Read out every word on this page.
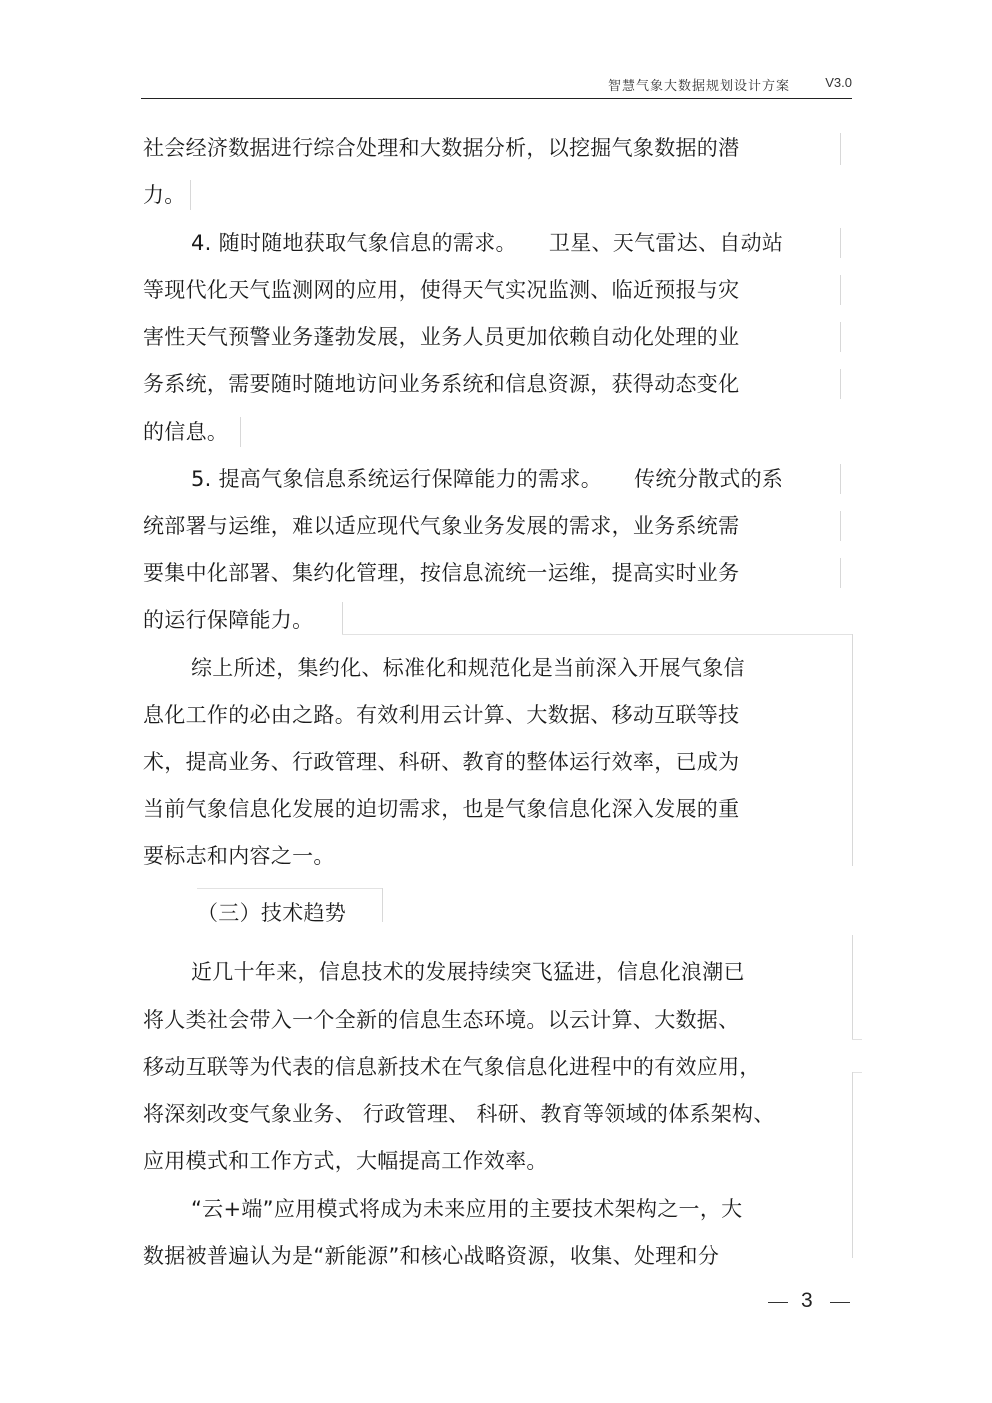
智慧气象大数据规划设计方案	V3.0
社会经济数据进行综合处理和大数据分析，以挖掘气象数据的潜
力。
4. 随时随地获取气象信息的需求。　　卫星、天气雷达、自动站
等现代化天气监测网的应用，使得天气实况监测、临近预报与灾
害性天气预警业务蓬勃发展，业务人员更加依赖自动化处理的业
务系统，需要随时随地访问业务系统和信息资源，获得动态变化
的信息。
5. 提高气象信息系统运行保障能力的需求。　　传统分散式的系
统部署与运维，难以适应现代气象业务发展的需求，业务系统需
要集中化部署、集约化管理，按信息流统一运维，提高实时业务
的运行保障能力。
综上所述，集约化、标准化和规范化是当前深入开展气象信
息化工作的必由之路。有效利用云计算、大数据、移动互联等技
术，提高业务、行政管理、科研、教育的整体运行效率，已成为
当前气象信息化发展的迫切需求，也是气象信息化深入发展的重
要标志和内容之一。
（三）技术趋势
近几十年来，信息技术的发展持续突飞猛进，信息化浪潮已
将人类社会带入一个全新的信息生态环境。以云计算、大数据、
移动互联等为代表的信息新技术在气象信息化进程中的有效应用，
将深刻改变气象业务、 行政管理、 科研、教育等领域的体系架构、
应用模式和工作方式，大幅提高工作效率。
“云+端”应用模式将成为未来应用的主要技术架构之一，大
数据被普遍认为是“新能源”和核心战略资源，收集、处理和分
3
